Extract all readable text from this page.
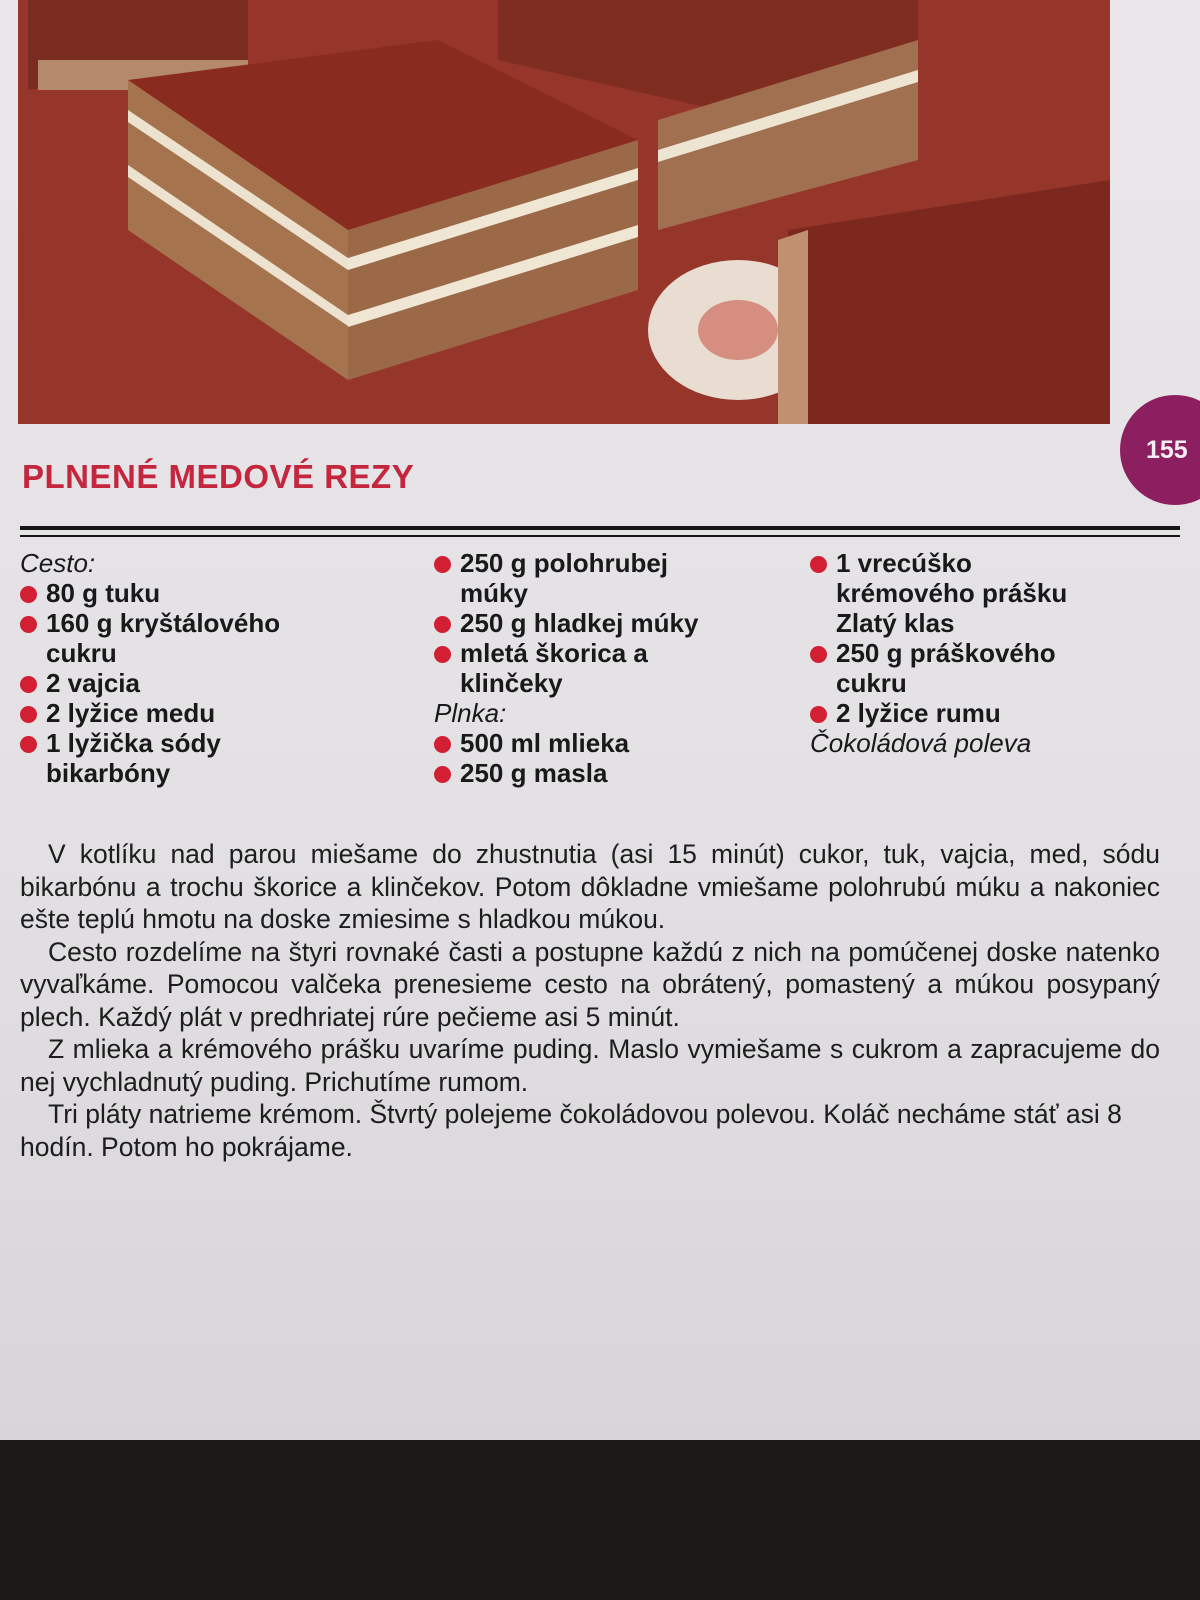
155
PLNENÉ MEDOVÉ REZY
Cesto:
80 g tuku
160 g kryštálového cukru
2 vajcia
2 lyžice medu
1 lyžička sódy bikarbóny
250 g polohrubej múky
250 g hladkej múky
mletá škorica a klinčeky
Plnka:
500 ml mlieka
250 g masla
1 vrecúško krémového prášku Zlatý klas
250 g práškového cukru
2 lyžice rumu
Čokoládová poleva

V kotlíku nad parou miešame do zhustnutia (asi 15 minút) cukor, tuk, vajcia, med, sódu bikarbónu a trochu škorice a klinčekov. Potom dôkladne vmiešame polohrubú múku a nakoniec ešte teplú hmotu na doske zmiesime s hladkou múkou.

Cesto rozdelíme na štyri rovnaké časti a postupne každú z nich na pomúčenej doske natenko vyvaľkáme. Pomocou valčeka prenesieme cesto na obrátený, pomastený a múkou posypaný plech. Každý plát v predhriatej rúre pečieme asi 5 minút.

Z mlieka a krémového prášku uvaríme puding. Maslo vymiešame s cukrom a zapracujeme do nej vychladnutý puding. Prichutíme rumom.

Tri pláty natrieme krémom. Štvrtý polejeme čokoládovou polevou. Koláč necháme stáť asi 8 hodín. Potom ho pokrájame.
